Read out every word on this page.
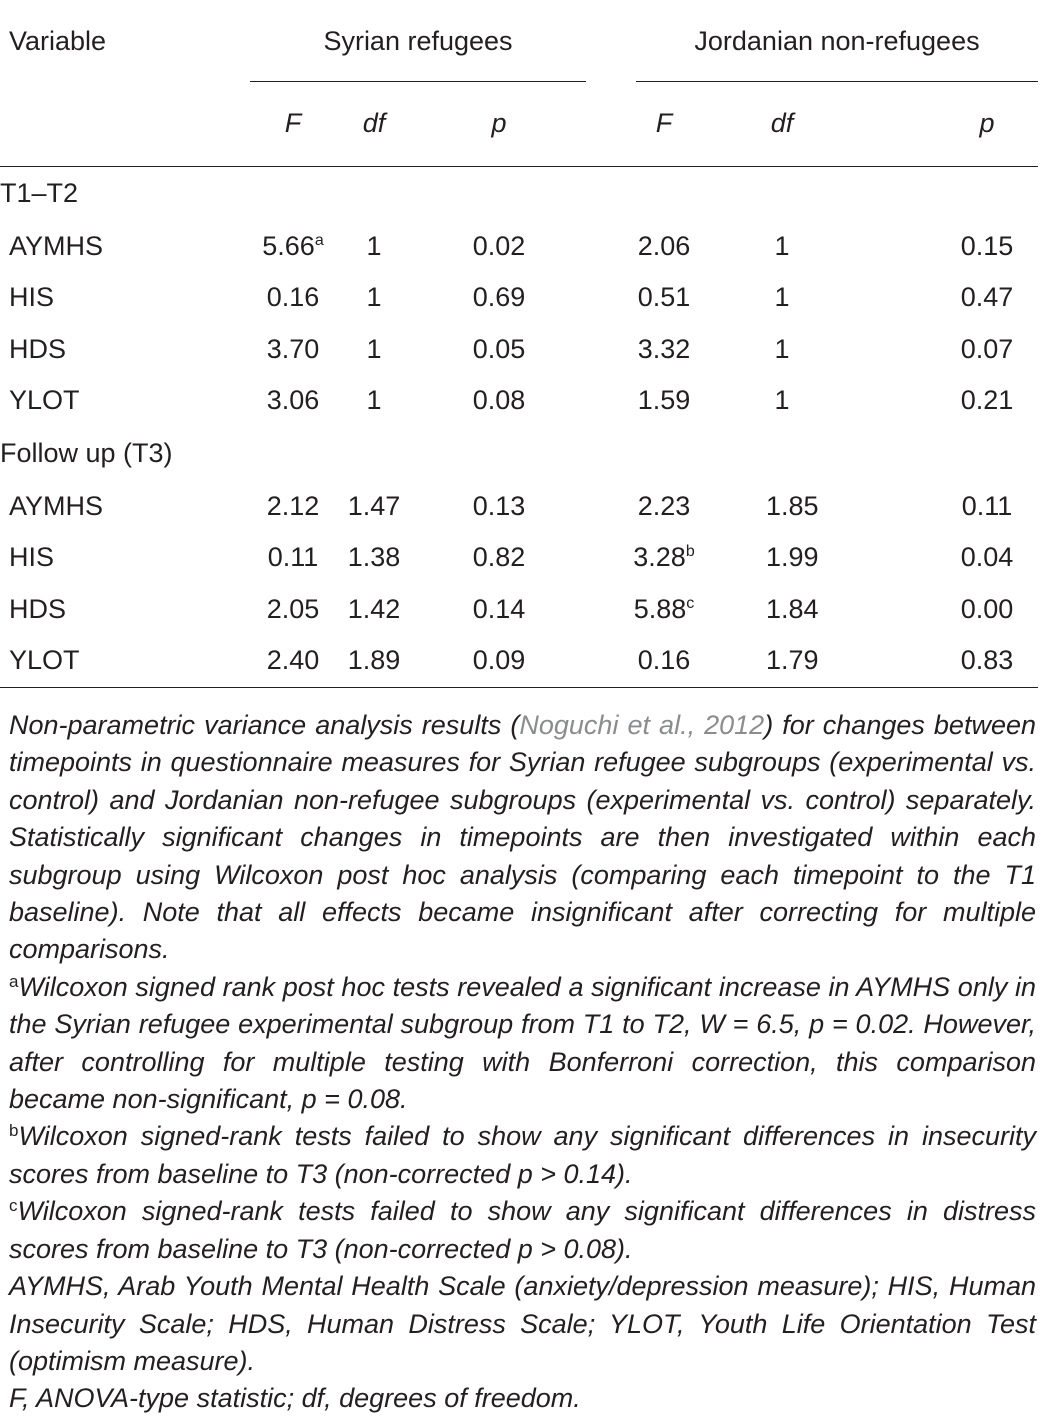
Variable	Syrian refugees			Jordanian non-refugees		

	F	df	p	F	df	p
T1–T2						
AYMHS	5.66$^a$	1	0.02	2.06	1	0.15
HIS	0.16	1	0.69	0.51	1	0.47
HDS	3.70	1	0.05	3.32	1	0.07
YLOT	3.06	1	0.08	1.59	1	0.21
Follow up (T3)						
AYMHS	2.12	1.47	0.13	2.23	1.85	0.11
HIS	0.11	1.38	0.82	3.28$^b$	1.99	0.04
HDS	2.05	1.42	0.14	5.88$^c$	1.84	0.00
YLOT	2.40	1.89	0.09	0.16	1.79	0.83

Non-parametric variance analysis results (Noguchi et al., 2012) for changes between timepoints in questionnaire measures for Syrian refugee subgroups (experimental vs. control) and Jordanian non-refugee subgroups (experimental vs. control) separately. Statistically significant changes in timepoints are then investigated within each subgroup using Wilcoxon post hoc analysis (comparing each timepoint to the T1 baseline). Note that all effects became insignificant after correcting for multiple comparisons.

$^a$Wilcoxon signed rank post hoc tests revealed a significant increase in AYMHS only in the Syrian refugee experimental subgroup from T1 to T2, W = 6.5, p = 0.02. However, after controlling for multiple testing with Bonferroni correction, this comparison became non-significant, p = 0.08.

$^b$Wilcoxon signed-rank tests failed to show any significant differences in insecurity scores from baseline to T3 (non-corrected p > 0.14).

$^c$Wilcoxon signed-rank tests failed to show any significant differences in distress scores from baseline to T3 (non-corrected p > 0.08).

AYMHS, Arab Youth Mental Health Scale (anxiety/depression measure); HIS, Human Insecurity Scale; HDS, Human Distress Scale; YLOT, Youth Life Orientation Test (optimism measure).

F, ANOVA-type statistic; df, degrees of freedom.
